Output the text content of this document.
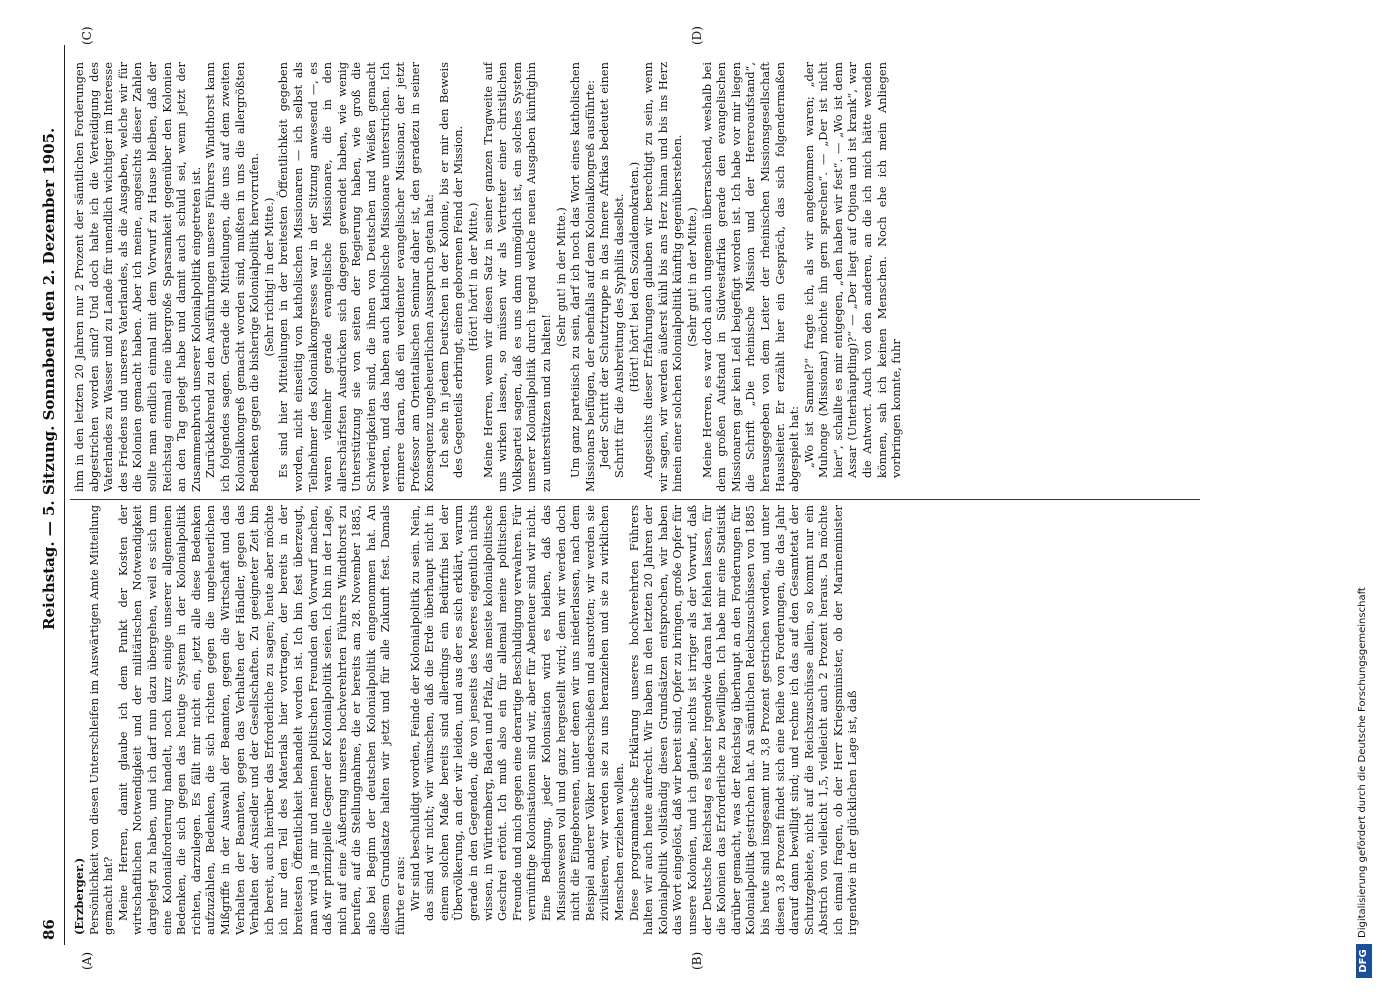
86
Reichstag. — 5. Sitzung. Sonnabend den 2. Dezember 1905.
(A)	(B)
(C)	(D)

(Erzberger.) Persönlichkeit von diesen Unterschleifen im Auswärtigen Amte Mitteilung gemacht hat? Meine Herren, damit glaube ich dem Punkt der Kosten der wirtschaftlichen Notwendigkeit und der militärischen Notwendigkeit dargelegt zu haben, und ich darf nun dazu übergehen, weil es sich um eine Kolonialforderung handelt, noch kurz einige unserer allgemeinen Bedenken, die sich gegen das heutige System in der Kolonialpolitik richten, darzulegen. Es fällt mir nicht ein, jetzt alle diese Bedenken aufzuzählen, Bedenken, die sich richten gegen die ungeheuerlichen Mißgriffe in der Auswahl der Beamten, gegen die Wirtschaft und das Verhalten der Beamten, gegen das Verhalten der Händler, gegen das Verhalten der Ansiedler und der Gesellschaften. Zu geeigneter Zeit bin ich bereit, auch hierüber das Erforderliche zu sagen; heute aber möchte ich nur den Teil des Materials hier vortragen, der bereits in der breitesten Öffentlichkeit behandelt worden ist. Ich bin fest überzeugt, man wird ja mir und meinen politischen Freunden den Vorwurf machen, daß wir prinzipielle Gegner der Kolonialpolitik seien. Ich bin in der Lage, mich auf eine Äußerung unseres hochverehrten Führers Windthorst zu berufen, auf die Stellungnahme, die er bereits am 28. November 1885, also bei Beginn der deutschen Kolonialpolitik eingenommen hat. An diesem Grundsatze halten wir jetzt und für alle Zukunft fest. Damals führte er aus: Wir sind beschuldigt worden, Feinde der Kolonialpolitik zu sein. Nein, das sind wir nicht; wir wünschen, daß die Erde überhaupt nicht in einem solchen Maße bereits sind allerdings ein Bedürfnis bei der Übervölkerung, an der wir leiden, und aus der es sich erklärt, warum gerade in den Gegenden, die von jenseits des Meeres eigentlich nichts wissen, in Württemberg, Baden und Pfalz, das meiste kolonialpolitische Geschrei ertönt. Ich muß also ein für allemal meine politischen Freunde und mich gegen eine derartige Beschuldigung verwahren. Für vernünftige Kolonisationen sind wir, aber für Abenteuer sind wir nicht. Eine Bedingung, jeder Kolonisation wird es bleiben, daß das Missionswesen voll und ganz hergestellt wird; denn wir werden doch nicht die Eingeborenen, unter denen wir uns niederlassen, nach dem Beispiel anderer Völker niederschießen und ausrotten; wir werden sie zivilisieren, wir werden sie zu uns heranziehen und sie zu wirklichen Menschen erziehen wollen. Diese programmatische Erklärung unseres hochverehrten Führers halten wir auch heute aufrecht. Wir haben in den letzten 20 Jahren der Kolonialpolitik vollständig diesen Grundsätzen entsprochen, wir haben das Wort eingelöst, daß wir bereit sind, Opfer zu bringen, große Opfer für unsere Kolonien, und ich glaube, nichts ist irriger als der Vorwurf, daß der Deutsche Reichstag es bisher irgendwie daran hat fehlen lassen, für die Kolonien das Erforderliche zu bewilligen. Ich habe mir eine Statistik darüber gemacht, was der Reichstag überhaupt an den Forderungen für Kolonialpolitik gestrichen hat. An sämtlichen Reichszuschüssen von 1885 bis heute sind insgesamt nur 3,8 Prozent gestrichen worden, und unter diesen 3,8 Prozent findet sich eine Reihe von Forderungen, die das Jahr darauf dann bewilligt sind; und rechne ich das auf den Gesamtetat der Schutzgebiete, nicht auf die Reichszuschüsse allein, so kommt nur ein Abstrich von vielleicht 1,5, vielleicht auch 2 Prozent heraus. Da möchte ich einmal fragen, ob der Herr Kriegsminister, ob der Marineminister irgendwie in der glücklichen Lage ist, daß

ihm in den letzten 20 Jahren nur 2 Prozent der sämtlichen Forderungen abgestrichen worden sind? Und doch halte ich die Verteidigung des Vaterlandes zu Wasser und zu Lande für unendlich wichtiger im Interesse des Friedens und unseres Vaterlandes, als die Ausgaben, welche wir für die Kolonien gemacht haben. Aber ich meine, angesichts dieser Zahlen sollte man endlich einmal mit dem Vorwurf zu Hause bleiben, daß der Reichstag einmal eine übergroße Sparsamkeit gegenüber den Kolonien an den Tag gelegt habe und damit auch schuld sei, wenn jetzt der Zusammenbruch unserer Kolonialpolitik eingetreten ist. Zurückkehrend zu den Ausführungen unseres Führers Windthorst kann ich folgendes sagen. Gerade die Mitteilungen, die uns auf dem zweiten Kolonialkongreß gemacht worden sind, mußten in uns die allergrößten Bedenken gegen die bisherige Kolonialpolitik hervorrufen. (Sehr richtig! in der Mitte.) Es sind hier Mitteilungen in der breitesten Öffentlichkeit gegeben worden, nicht einseitig von katholischen Missionaren — ich selbst als Teilnehmer des Kolonialkongresses war in der Sitzung anwesend —, es waren vielmehr gerade evangelische Missionare, die in den allerschärfsten Ausdrücken sich dagegen gewendet haben, wie wenig Unterstützung sie von seiten der Regierung haben, wie groß die Schwierigkeiten sind, die ihnen von Deutschen und Weißen gemacht werden, und das haben auch katholische Missionare unterstrichen. Ich erinnere daran, daß ein verdienter evangelischer Missionar, der jetzt Professor am Orientalischen Seminar daher ist, den geradezu in seiner Konsequenz ungeheuerlichen Ausspruch getan hat: Ich sehe in jedem Deutschen in der Kolonie, bis er mir den Beweis des Gegenteils erbringt, einen geborenen Feind der Mission. (Hört! hört! in der Mitte.) Meine Herren, wenn wir diesen Satz in seiner ganzen Tragweite auf uns wirken lassen, so müssen wir als Vertreter einer christlichen Volkspartei sagen, daß es uns dann unmöglich ist, ein solches System unserer Kolonialpolitik durch irgend welche neuen Ausgaben künftighin zu unterstützen und zu halten!

(Sehr gut! in der Mitte.) Um ganz parteiisch zu sein, darf ich noch das Wort eines katholischen Missionars beifügen, der ebenfalls auf dem Kolonialkongreß ausführte: Jeder Schritt der Schutztruppe in das Innere Afrikas bedeutet einen Schritt für die Ausbreitung des Syphilis daselbst. (Hört! hört! bei den Sozialdemokraten.) Angesichts dieser Erfahrungen glauben wir berechtigt zu sein, wenn wir sagen, wir werden äußerst kühl bis ans Herz hinan und bis ins Herz hinein einer solchen Kolonialpolitik künftig gegenüberstehen. (Sehr gut! in der Mitte.) Meine Herren, es war doch auch ungemein überraschend, weshalb bei dem großen Aufstand in Südwestafrika gerade den evangelischen Missionaren gar kein Leid beigefügt worden ist. Ich habe vor mir liegen die Schrift „Die rheinische Mission und der Hereroaufstand“, herausgegeben von dem Leiter der rheinischen Missionsgesellschaft Haussleiter. Er erzählt hier ein Gespräch, das sich folgendermaßen abgespielt hat: „Wo ist Samuel?“ fragte ich, als wir angekommen waren; „der Muhonge (Missionar) möchte ihn gern sprechen“. — „Der ist nicht hier“, schallte es mir entgegen, „den haben wir fest“. — „Wo ist denn Assar (Unterhäuptling)?“ — „Der liegt auf Otjona und ist krank“, war die Antwort. Auch von den anderen, an die ich mich hätte wenden können, sah ich keinen Menschen. Noch ehe ich mein Anliegen vorbringen konnte, fuhr

DFG
Digitalisierung gefördert durch die Deutsche Forschungsgemeinschaft
